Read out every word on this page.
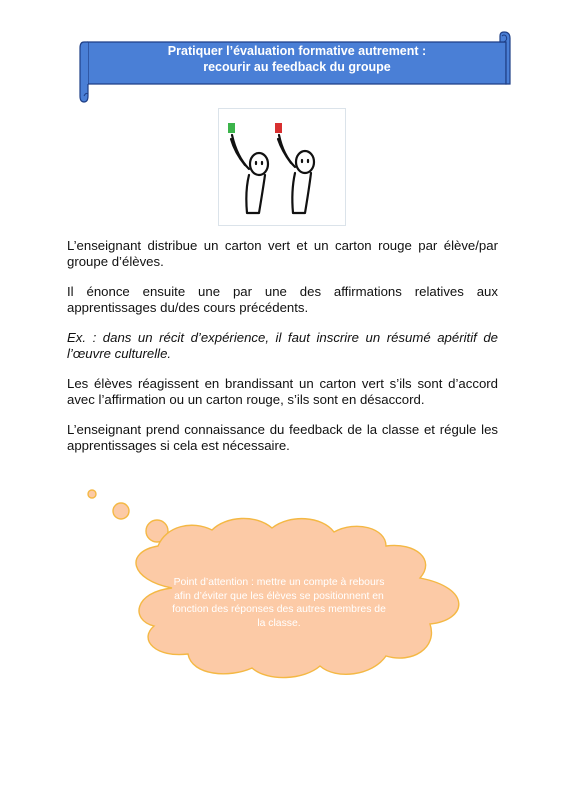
Pratiquer l’évaluation formative autrement :
recourir au feedback du groupe

L’enseignant distribue un carton vert et un carton rouge par élève/par groupe d’élèves.

Il énonce ensuite une par une des affirmations relatives aux apprentissages du/des cours précédents.

Ex. : dans un récit d’expérience, il faut inscrire un résumé apéritif de l’œuvre culturelle.

Les élèves réagissent en brandissant un carton vert s’ils sont d’accord avec l’affirmation ou un carton rouge, s’ils sont en désaccord.

L’enseignant prend connaissance du feedback de la classe et régule les apprentissages si cela est nécessaire.

Point d’attention : mettre un compte à rebours afin d’éviter que les élèves se positionnent en fonction des réponses des autres membres de la classe.
